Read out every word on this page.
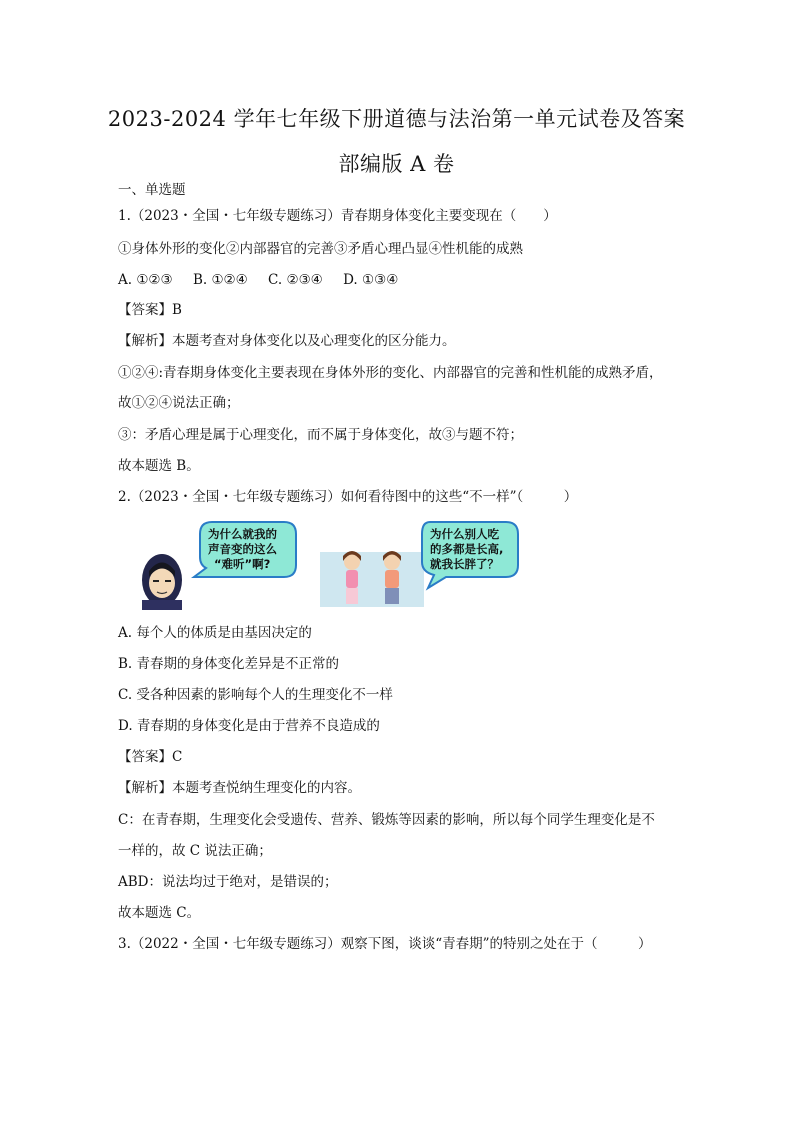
2023-2024 学年七年级下册道德与法治第一单元试卷及答案
部编版 A 卷
一、单选题
1.（2023・全国・七年级专题练习）青春期身体变化主要变现在（　　）
①身体外形的变化②内部器官的完善③矛盾心理凸显④性机能的成熟
A. ①②③ B. ①②④ C. ②③④ D. ①③④
【答案】B
【解析】本题考查对身体变化以及心理变化的区分能力。
①②④:青春期身体变化主要表现在身体外形的变化、内部器官的完善和性机能的成熟矛盾，
故①②④说法正确；
③：矛盾心理是属于心理变化，而不属于身体变化，故③与题不符；
故本题选 B。
2.（2023・全国・七年级专题练习）如何看待图中的这些“不一样”（　　　）
为什么就我的
声音变的这么
“难听”啊?
为什么别人吃
的多都是长高,
就我长胖了？
A. 每个人的体质是由基因决定的
B. 青春期的身体变化差异是不正常的
C. 受各种因素的影响每个人的生理变化不一样
D. 青春期的身体变化是由于营养不良造成的
【答案】C
【解析】本题考查悦纳生理变化的内容。
C：在青春期，生理变化会受遗传、营养、锻炼等因素的影响，所以每个同学生理变化是不
一样的，故 C 说法正确；
ABD：说法均过于绝对，是错误的；
故本题选 C。
3.（2022・全国・七年级专题练习）观察下图，谈谈“青春期”的特别之处在于（　　　）
